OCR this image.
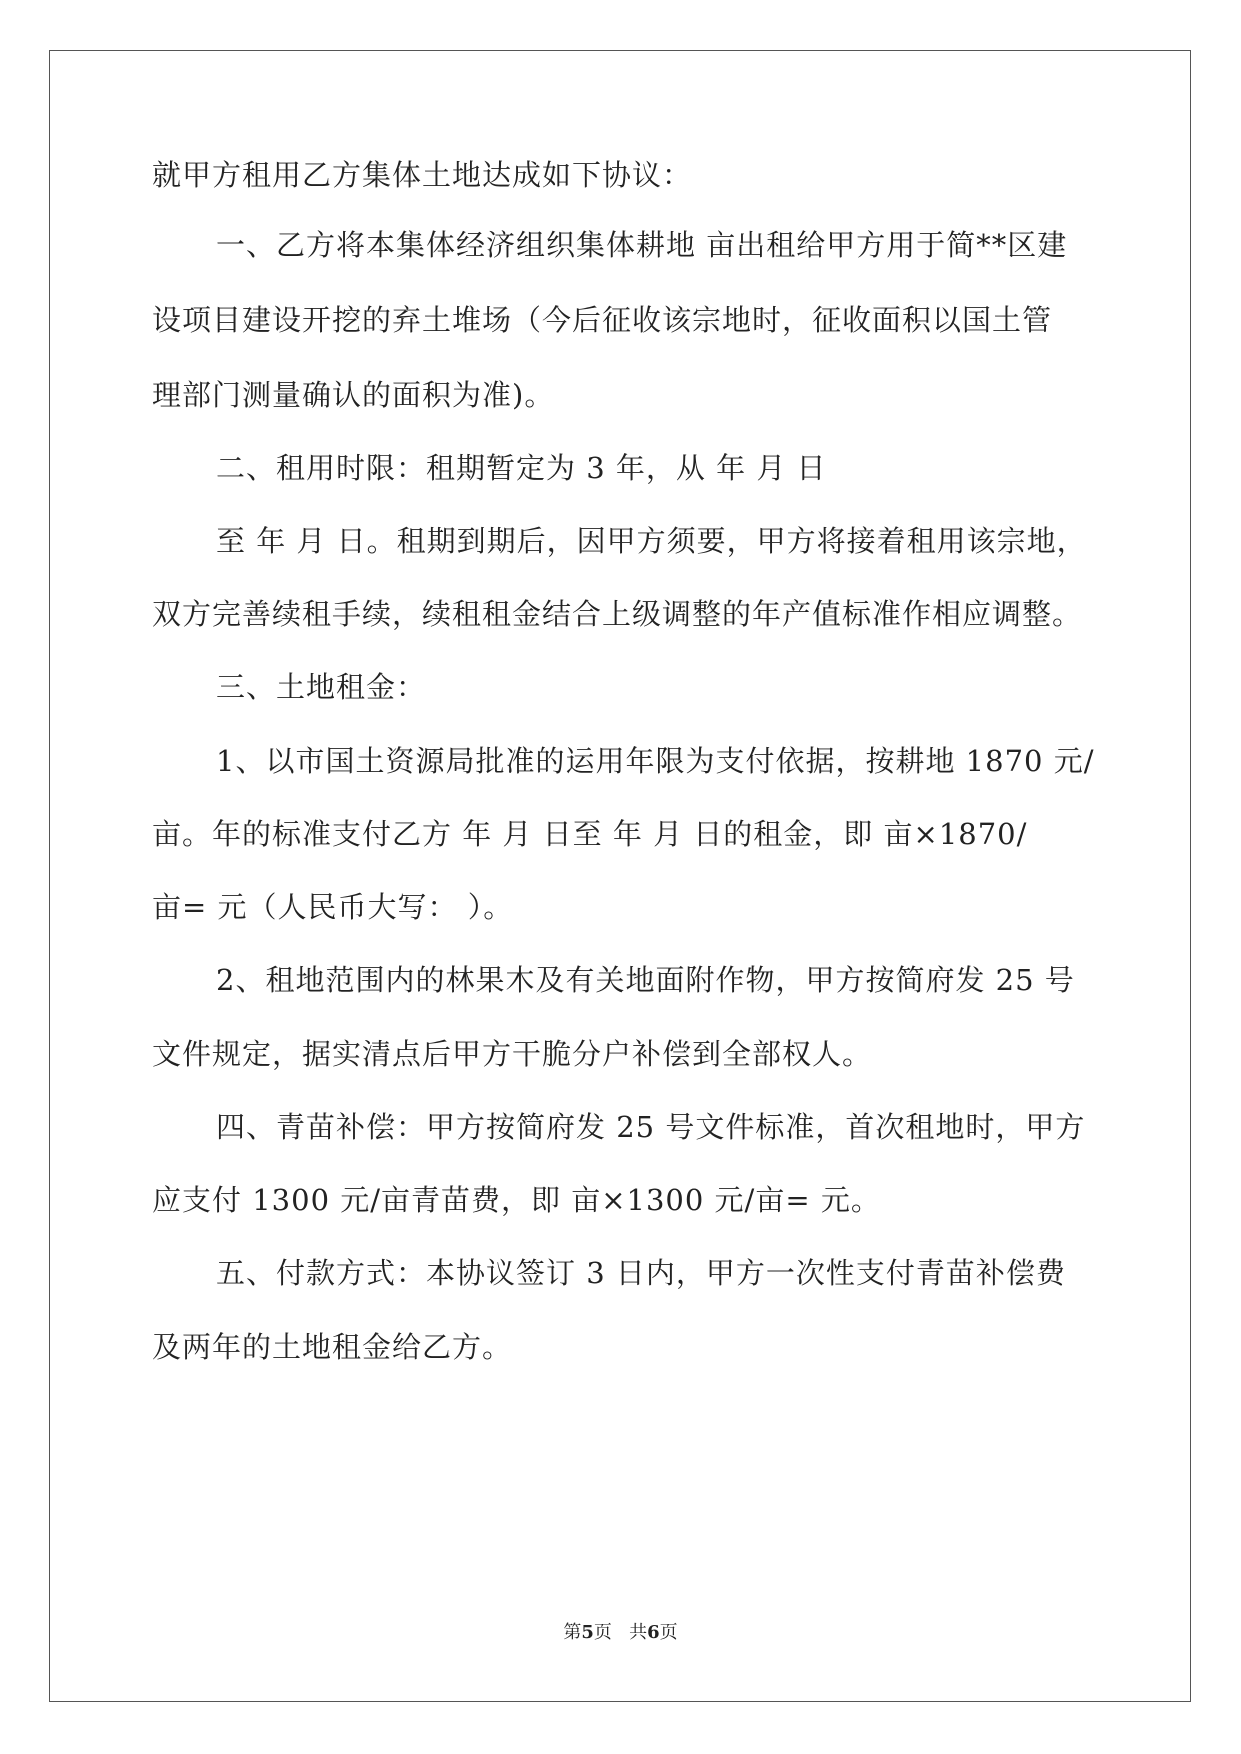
就甲方租用乙方集体土地达成如下协议：
一、乙方将本集体经济组织集体耕地 亩出租给甲方用于简**区建
设项目建设开挖的弃土堆场（今后征收该宗地时，征收面积以国土管
理部门测量确认的面积为准)。
二、租用时限：租期暂定为 3 年，从 年 月 日
至 年 月 日。租期到期后，因甲方须要，甲方将接着租用该宗地，
双方完善续租手续，续租租金结合上级调整的年产值标准作相应调整。
三、土地租金：
1、以市国土资源局批准的运用年限为支付依据，按耕地 1870 元/
亩。年的标准支付乙方 年 月 日至 年 月 日的租金，即 亩×1870/
亩= 元（人民币大写： ）。
2、租地范围内的林果木及有关地面附作物，甲方按简府发 25 号
文件规定，据实清点后甲方干脆分户补偿到全部权人。
四、青苗补偿：甲方按简府发 25 号文件标准，首次租地时，甲方
应支付 1300 元/亩青苗费，即 亩×1300 元/亩= 元。
五、付款方式：本协议签订 3 日内，甲方一次性支付青苗补偿费
及两年的土地租金给乙方。
第5页   共6页
